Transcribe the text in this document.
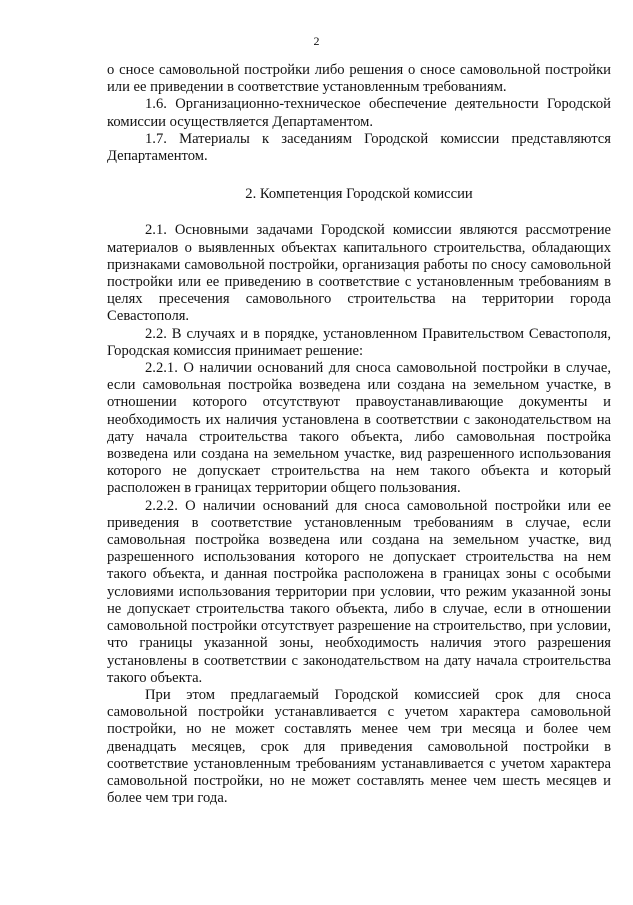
2

о сносе самовольной постройки либо решения о сносе самовольной постройки или ее приведении в соответствие установленным требованиям.

1.6. Организационно-техническое обеспечение деятельности Городской комиссии осуществляется Департаментом.

1.7. Материалы к заседаниям Городской комиссии представляются Департаментом.

2. Компетенция Городской комиссии

2.1. Основными задачами Городской комиссии являются рассмотрение материалов о выявленных объектах капитального строительства, обладающих признаками самовольной постройки, организация работы по сносу самовольной постройки или ее приведению в соответствие с установленным требованиям в целях пресечения самовольного строительства на территории города Севастополя.

2.2. В случаях и в порядке, установленном Правительством Севастополя, Городская комиссия принимает решение:

2.2.1. О наличии оснований для сноса самовольной постройки в случае, если самовольная постройка возведена или создана на земельном участке, в отношении которого отсутствуют правоустанавливающие документы и необходимость их наличия установлена в соответствии с законодательством на дату начала строительства такого объекта, либо самовольная постройка возведена или создана на земельном участке, вид разрешенного использования которого не допускает строительства на нем такого объекта и который расположен в границах территории общего пользования.

2.2.2. О наличии оснований для сноса самовольной постройки или ее приведения в соответствие установленным требованиям в случае, если самовольная постройка возведена или создана на земельном участке, вид разрешенного использования которого не допускает строительства на нем такого объекта, и данная постройка расположена в границах зоны с особыми условиями использования территории при условии, что режим указанной зоны не допускает строительства такого объекта, либо в случае, если в отношении самовольной постройки отсутствует разрешение на строительство, при условии, что границы указанной зоны, необходимость наличия этого разрешения установлены в соответствии с законодательством на дату начала строительства такого объекта.

При этом предлагаемый Городской комиссией срок для сноса самовольной постройки устанавливается с учетом характера самовольной постройки, но не может составлять менее чем три месяца и более чем двенадцать месяцев, срок для приведения самовольной постройки в соответствие установленным требованиям устанавливается с учетом характера самовольной постройки, но не может составлять менее чем шесть месяцев и более чем три года.
